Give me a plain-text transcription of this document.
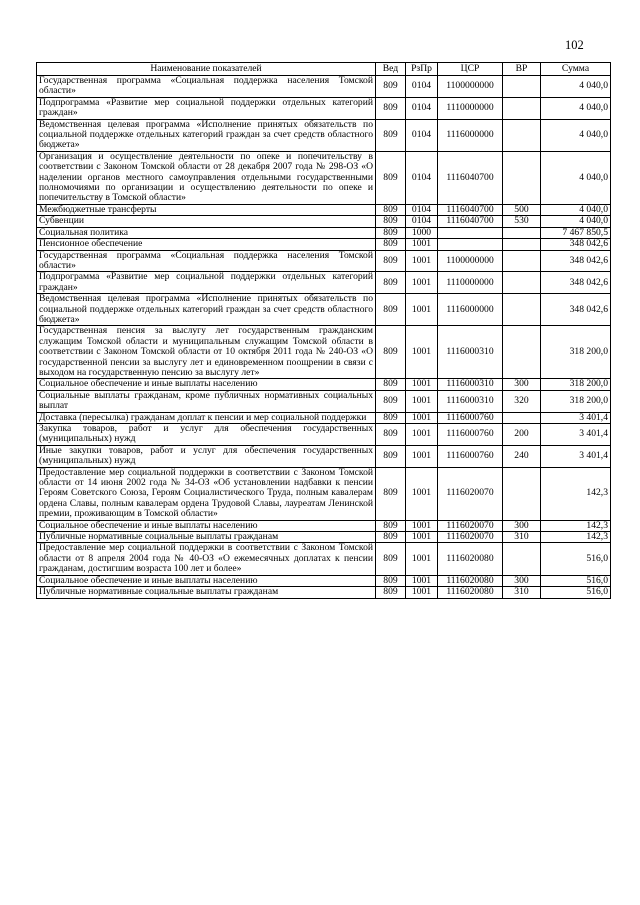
102
Наименование показателей	Вед	РзПр	ЦСР	ВР	Сумма
Государственная программа «Социальная поддержка населения Томской области»	809	0104	1100000000		4 040,0
Подпрограмма «Развитие мер социальной поддержки отдельных категорий граждан»	809	0104	1110000000		4 040,0
Ведомственная целевая программа «Исполнение принятых обязательств по социальной поддержке отдельных категорий граждан за счет средств областного бюджета»	809	0104	1116000000		4 040,0
Организация и осуществление деятельности по опеке и попечительству в соответствии с Законом Томской области от 28 декабря 2007 года № 298-ОЗ «О наделении органов местного самоуправления отдельными государственными полномочиями по организации и осуществлению деятельности по опеке и попечительству в Томской области»	809	0104	1116040700		4 040,0
Межбюджетные трансферты	809	0104	1116040700	500	4 040,0
Субвенции	809	0104	1116040700	530	4 040,0
Социальная политика	809	1000			7 467 850,5
Пенсионное обеспечение	809	1001			348 042,6
Государственная программа «Социальная поддержка населения Томской области»	809	1001	1100000000		348 042,6
Подпрограмма «Развитие мер социальной поддержки отдельных категорий граждан»	809	1001	1110000000		348 042,6
Ведомственная целевая программа «Исполнение принятых обязательств по социальной поддержке отдельных категорий граждан за счет средств областного бюджета»	809	1001	1116000000		348 042,6
Государственная пенсия за выслугу лет государственным гражданским служащим Томской области и муниципальным служащим Томской области в соответствии с Законом Томской области от 10 октября 2011 года № 240-ОЗ «О государственной пенсии за выслугу лет и единовременном поощрении в связи с выходом на государственную пенсию за выслугу лет»	809	1001	1116000310		318 200,0
Социальное обеспечение и иные выплаты населению	809	1001	1116000310	300	318 200,0
Социальные выплаты гражданам, кроме публичных нормативных социальных выплат	809	1001	1116000310	320	318 200,0
Доставка (пересылка) гражданам доплат к пенсии и мер социальной поддержки	809	1001	1116000760		3 401,4
Закупка товаров, работ и услуг для обеспечения государственных (муниципальных) нужд	809	1001	1116000760	200	3 401,4
Иные закупки товаров, работ и услуг для обеспечения государственных (муниципальных) нужд	809	1001	1116000760	240	3 401,4
Предоставление мер социальной поддержки в соответствии с Законом Томской области от 14 июня 2002 года № 34-ОЗ «Об установлении надбавки к пенсии Героям Советского Союза, Героям Социалистического Труда, полным кавалерам ордена Славы, полным кавалерам ордена Трудовой Славы, лауреатам Ленинской премии, проживающим в Томской области»	809	1001	1116020070		142,3
Социальное обеспечение и иные выплаты населению	809	1001	1116020070	300	142,3
Публичные нормативные социальные выплаты гражданам	809	1001	1116020070	310	142,3
Предоставление мер социальной поддержки в соответствии с Законом Томской области от 8 апреля 2004 года № 40-ОЗ «О ежемесячных доплатах к пенсии гражданам, достигшим возраста 100 лет и более»	809	1001	1116020080		516,0
Социальное обеспечение и иные выплаты населению	809	1001	1116020080	300	516,0
Публичные нормативные социальные выплаты гражданам	809	1001	1116020080	310	516,0
